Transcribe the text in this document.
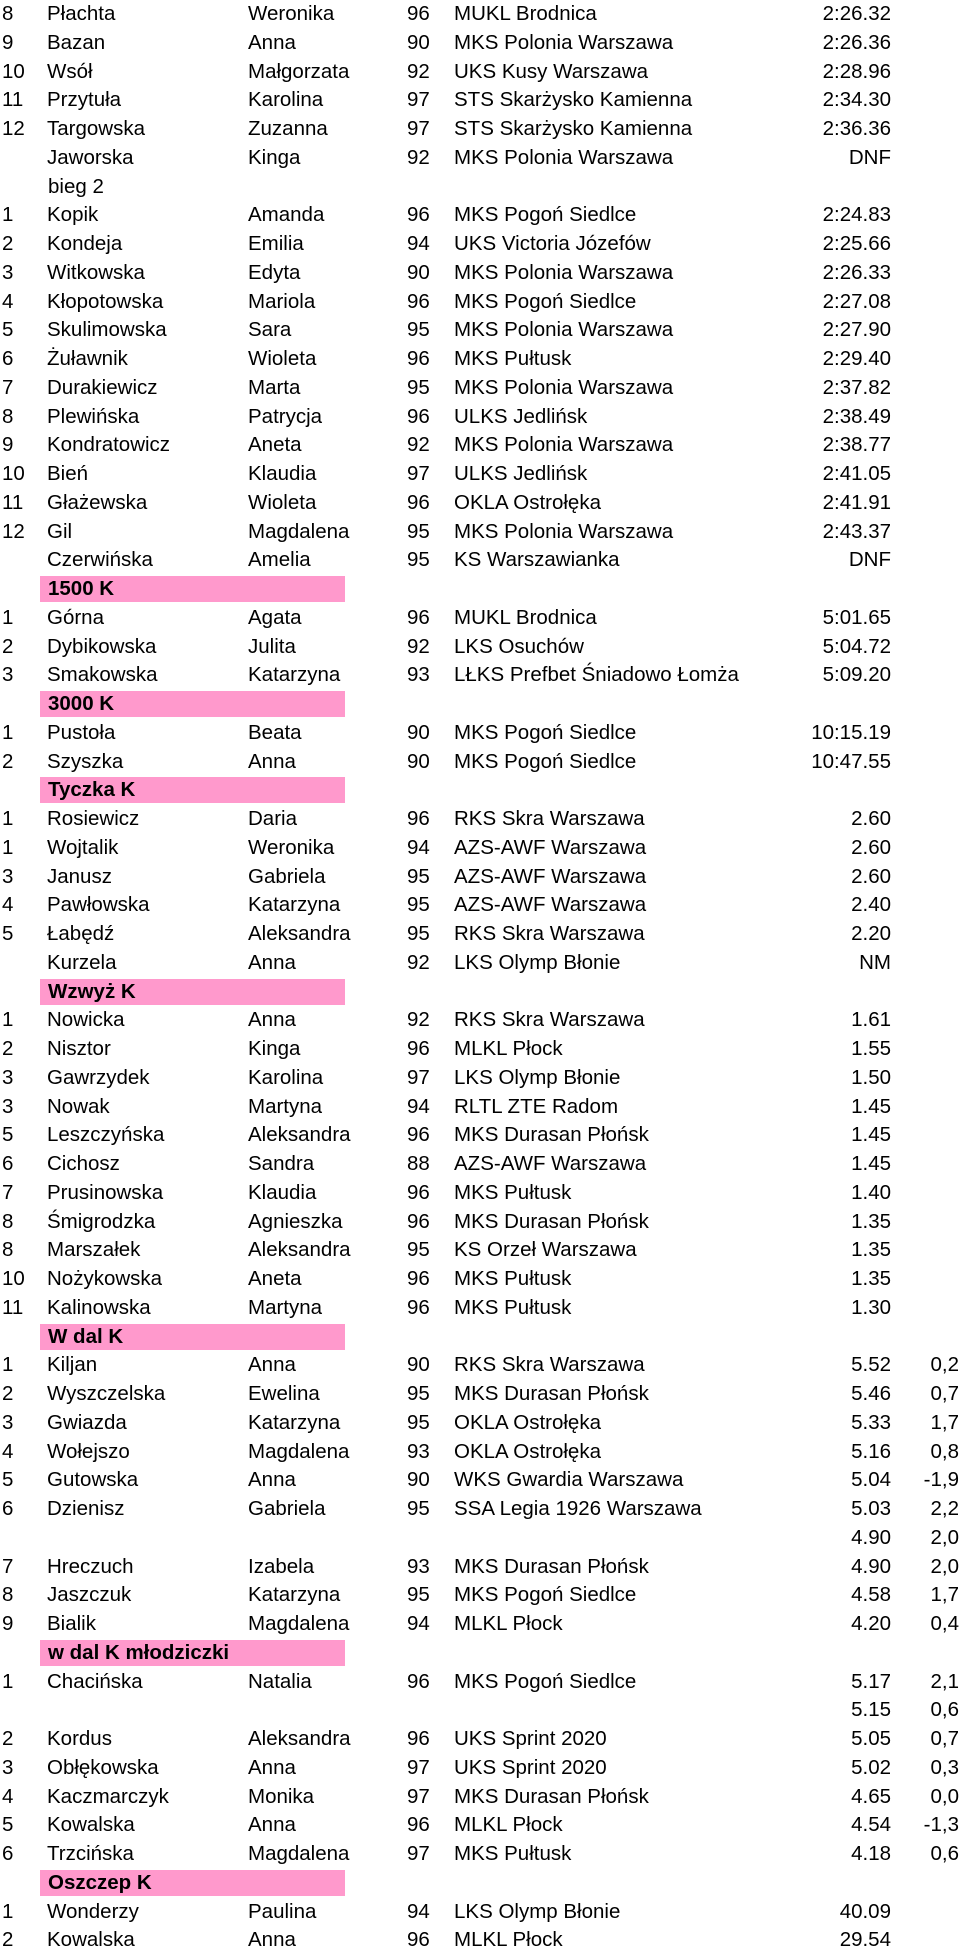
8 Płachta	Weronika	96 MUKL Brodnica	2:26.32
9 Bazan	Anna	90 MKS Polonia Warszawa	2:26.36
10 Wsół	Małgorzata	92 UKS Kusy Warszawa	2:28.96
11 Przytuła	Karolina	97 STS Skarżysko Kamienna	2:34.30
12 Targowska	Zuzanna	97 STS Skarżysko Kamienna	2:36.36
Jaworska	Kinga	92 MKS Polonia Warszawa	DNF
bieg 2
1 Kopik	Amanda	96 MKS Pogoń Siedlce	2:24.83
2 Kondeja	Emilia	94 UKS Victoria Józefów	2:25.66
3 Witkowska	Edyta	90 MKS Polonia Warszawa	2:26.33
4 Kłopotowska	Mariola	96 MKS Pogoń Siedlce	2:27.08
5 Skulimowska	Sara	95 MKS Polonia Warszawa	2:27.90
6 Żuławnik	Wioleta	96 MKS Pułtusk	2:29.40
7 Durakiewicz	Marta	95 MKS Polonia Warszawa	2:37.82
8 Plewińska	Patrycja	96 ULKS Jedlińsk	2:38.49
9 Kondratowicz	Aneta	92 MKS Polonia Warszawa	2:38.77
10 Bień	Klaudia	97 ULKS Jedlińsk	2:41.05
11 Głażewska	Wioleta	96 OKLA Ostrołęka	2:41.91
12 Gil	Magdalena	95 MKS Polonia Warszawa	2:43.37
Czerwińska	Amelia	95 KS Warszawianka	DNF
1500 K
1 Górna	Agata	96 MUKL Brodnica	5:01.65
2 Dybikowska	Julita	92 LKS Osuchów	5:04.72
3 Smakowska	Katarzyna	93 LŁKS Prefbet Śniadowo Łomża	5:09.20
3000 K
1 Pustoła	Beata	90 MKS Pogoń Siedlce	10:15.19
2 Szyszka	Anna	90 MKS Pogoń Siedlce	10:47.55
Tyczka K
1 Rosiewicz	Daria	96 RKS Skra Warszawa	2.60
1 Wojtalik	Weronika	94 AZS-AWF Warszawa	2.60
3 Janusz	Gabriela	95 AZS-AWF Warszawa	2.60
4 Pawłowska	Katarzyna	95 AZS-AWF Warszawa	2.40
5 Łabędź	Aleksandra	95 RKS Skra Warszawa	2.20
Kurzela	Anna	92 LKS Olymp Błonie	NM
Wzwyż K
1 Nowicka	Anna	92 RKS Skra Warszawa	1.61
2 Nisztor	Kinga	96 MLKL Płock	1.55
3 Gawrzydek	Karolina	97 LKS Olymp Błonie	1.50
3 Nowak	Martyna	94 RLTL ZTE Radom	1.45
5 Leszczyńska	Aleksandra	96 MKS Durasan Płońsk	1.45
6 Cichosz	Sandra	88 AZS-AWF Warszawa	1.45
7 Prusinowska	Klaudia	96 MKS Pułtusk	1.40
8 Śmigrodzka	Agnieszka	96 MKS Durasan Płońsk	1.35
8 Marszałek	Aleksandra	95 KS Orzeł Warszawa	1.35
10 Nożykowska	Aneta	96 MKS Pułtusk	1.35
11 Kalinowska	Martyna	96 MKS Pułtusk	1.30
W dal K
1 Kiljan	Anna	90 RKS Skra Warszawa	5.52 0,2
2 Wyszczelska	Ewelina	95 MKS Durasan Płońsk	5.46 0,7
3 Gwiazda	Katarzyna	95 OKLA Ostrołęka	5.33 1,7
4 Wołejszo	Magdalena	93 OKLA Ostrołęka	5.16 0,8
5 Gutowska	Anna	90 WKS Gwardia Warszawa	5.04 -1,9
6 Dzienisz	Gabriela	95 SSA Legia 1926 Warszawa	5.03 2,2
4.90 2,0
7 Hreczuch	Izabela	93 MKS Durasan Płońsk	4.90 2,0
8 Jaszczuk	Katarzyna	95 MKS Pogoń Siedlce	4.58 1,7
9 Bialik	Magdalena	94 MLKL Płock	4.20 0,4
w dal K młodziczki
1 Chacińska	Natalia	96 MKS Pogoń Siedlce	5.17 2,1
5.15 0,6
2 Kordus	Aleksandra	96 UKS Sprint 2020	5.05 0,7
3 Obłękowska	Anna	97 UKS Sprint 2020	5.02 0,3
4 Kaczmarczyk	Monika	97 MKS Durasan Płońsk	4.65 0,0
5 Kowalska	Anna	96 MLKL Płock	4.54 -1,3
6 Trzcińska	Magdalena	97 MKS Pułtusk	4.18 0,6
Oszczep K
1 Wonderzy	Paulina	94 LKS Olymp Błonie	40.09
2 Kowalska	Anna	96 MLKL Płock	29.54
